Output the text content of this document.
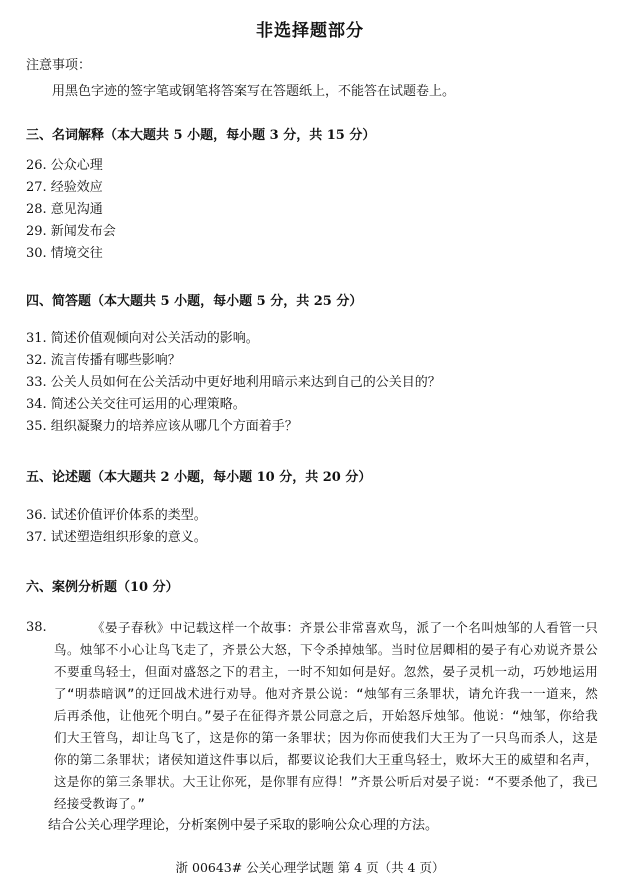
非选择题部分
注意事项：
用黑色字迹的签字笔或钢笔将答案写在答题纸上，不能答在试题卷上。
三、名词解释（本大题共 5 小题，每小题 3 分，共 15 分）
26. 公众心理
27. 经验效应
28. 意见沟通
29. 新闻发布会
30. 情境交往
四、简答题（本大题共 5 小题，每小题 5 分，共 25 分）
31. 简述价值观倾向对公关活动的影响。
32. 流言传播有哪些影响？
33. 公关人员如何在公关活动中更好地利用暗示来达到自己的公关目的？
34. 简述公关交往可运用的心理策略。
35. 组织凝聚力的培养应该从哪几个方面着手？
五、论述题（本大题共 2 小题，每小题 10 分，共 20 分）
36. 试述价值评价体系的类型。
37. 试述塑造组织形象的意义。
六、案例分析题（10 分）
38.	《晏子春秋》中记载这样一个故事：齐景公非常喜欢鸟，派了一个名叫烛邹的人看管一只鸟。烛邹不小心让鸟飞走了，齐景公大怒，下令杀掉烛邹。当时位居卿相的晏子有心劝说齐景公不要重鸟轻士，但面对盛怒之下的君主，一时不知如何是好。忽然，晏子灵机一动，巧妙地运用了“明恭暗讽”的迂回战术进行劝导。他对齐景公说：“烛邹有三条罪状，请允许我一一道来，然后再杀他，让他死个明白。”晏子在征得齐景公同意之后，开始怒斥烛邹。他说：“烛邹，你给我们大王管鸟，却让鸟飞了，这是你的第一条罪状；因为你而使我们大王为了一只鸟而杀人，这是你的第二条罪状；诸侯知道这件事以后，都要议论我们大王重鸟轻士，败坏大王的威望和名声，这是你的第三条罪状。大王让你死，是你罪有应得！”齐景公听后对晏子说：“不要杀他了，我已经接受教诲了。”

结合公关心理学理论，分析案例中晏子采取的影响公众心理的方法。

浙 00643# 公关心理学试题 第 4 页（共 4 页）
